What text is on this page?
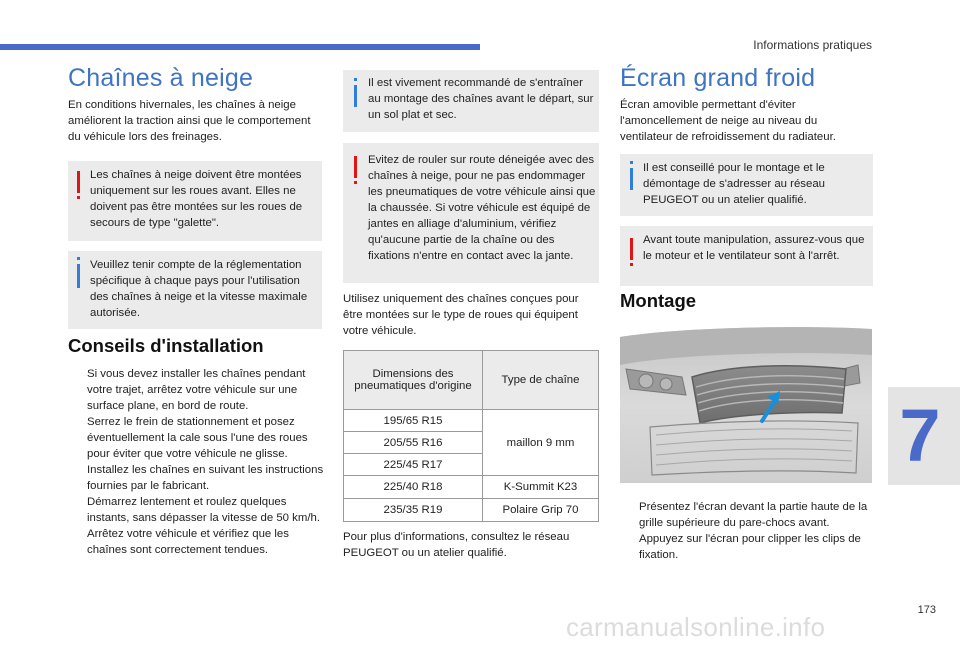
Informations pratiques
Chaînes à neige
En conditions hivernales, les chaînes à neige améliorent la traction ainsi que le comportement du véhicule lors des freinages.
Les chaînes à neige doivent être montées uniquement sur les roues avant. Elles ne doivent pas être montées sur les roues de secours de type "galette".
Veuillez tenir compte de la réglementation spécifique à chaque pays pour l'utilisation des chaînes à neige et la vitesse maximale autorisée.
Conseils d'installation
Si vous devez installer les chaînes pendant votre trajet, arrêtez votre véhicule sur une surface plane, en bord de route.
Serrez le frein de stationnement et posez éventuellement la cale sous l'une des roues pour éviter que votre véhicule ne glisse.
Installez les chaînes en suivant les instructions fournies par le fabricant.
Démarrez lentement et roulez quelques instants, sans dépasser la vitesse de 50 km/h.
Arrêtez votre véhicule et vérifiez que les chaînes sont correctement tendues.
Il est vivement recommandé de s'entraîner au montage des chaînes avant le départ, sur un sol plat et sec.
Evitez de rouler sur route déneigée avec des chaînes à neige, pour ne pas endommager les pneumatiques de votre véhicule ainsi que la chaussée. Si votre véhicule est équipé de jantes en alliage d'aluminium, vérifiez qu'aucune partie de la chaîne ou des fixations n'entre en contact avec la jante.
Utilisez uniquement des chaînes conçues pour être montées sur le type de roues qui équipent votre véhicule.
Dimensions des pneumatiques d'origine	Type de chaîne
195/65 R15	maillon 9 mm
205/55 R16	
225/45 R17	
225/40 R18	K-Summit K23
235/35 R19	Polaire Grip 70
Pour plus d'informations, consultez le réseau PEUGEOT ou un atelier qualifié.
Écran grand froid
Écran amovible permettant d'éviter l'amoncellement de neige au niveau du ventilateur de refroidissement du radiateur.
Il est conseillé pour le montage et le démontage de s'adresser au réseau PEUGEOT ou un atelier qualifié.
Avant toute manipulation, assurez-vous que le moteur et le ventilateur sont à l'arrêt.
Montage
Présentez l'écran devant la partie haute de la grille supérieure du pare-chocs avant.
Appuyez sur l'écran pour clipper les clips de fixation.
7
173
carmanualsonline.info
